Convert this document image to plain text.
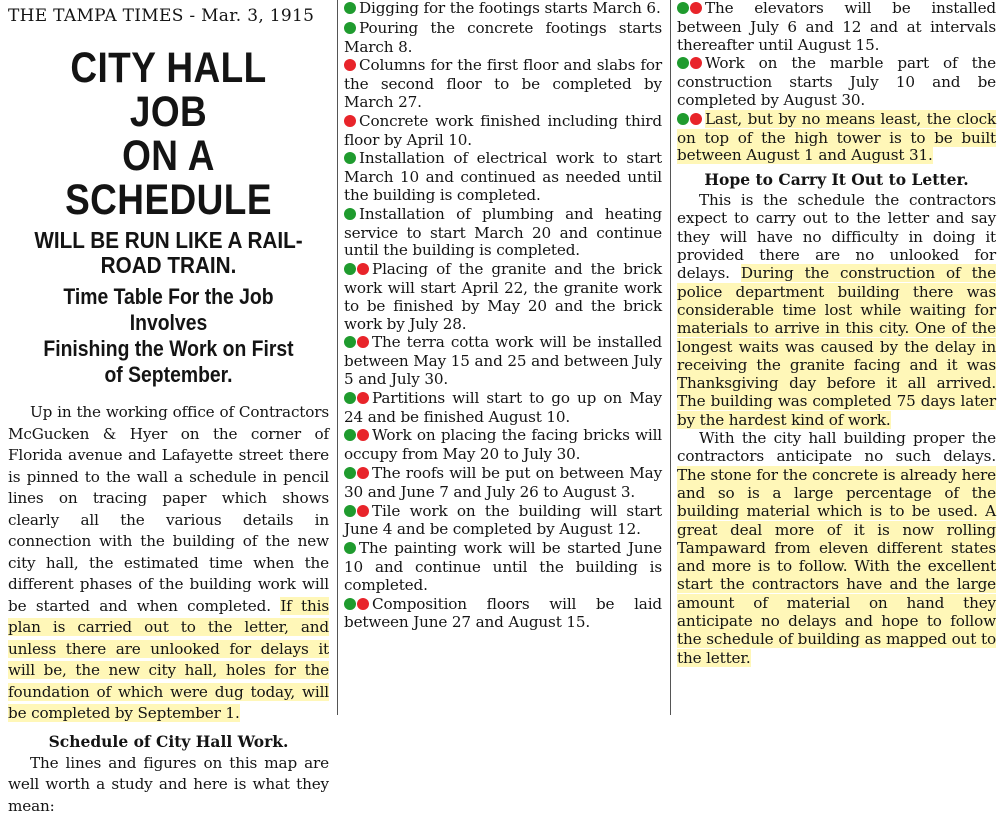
THE TAMPA TIMES - Mar. 3, 1915
CITY HALL JOB
ON A SCHEDULE
WILL BE RUN LIKE A RAIL-
ROAD TRAIN.
Time Table For the Job Involves
Finishing the Work on First
of September.

Up in the working office of Contractors McGucken & Hyer on the corner of Florida avenue and Lafayette street there is pinned to the wall a schedule in pencil lines on tracing paper which shows clearly all the various details in connection with the building of the new city hall, the estimated time when the different phases of the building work will be started and when completed. If this plan is carried out to the letter, and unless there are unlooked for delays it will be, the new city hall, holes for the foundation of which were dug today, will be completed by September 1.

Schedule of City Hall Work.

The lines and figures on this map are well worth a study and here is what they mean:

Digging for the footings starts March 6.
Pouring the concrete footings starts March 8.
Columns for the first floor and slabs for the second floor to be completed by March 27.
Concrete work finished including third floor by April 10.
Installation of electrical work to start March 10 and continued as needed until the building is completed.
Installation of plumbing and heating service to start March 20 and continue until the building is completed.
Placing of the granite and the brick work will start April 22, the granite work to be finished by May 20 and the brick work by July 28.
The terra cotta work will be installed between May 15 and 25 and between July 5 and July 30.
Partitions will start to go up on May 24 and be finished August 10.
Work on placing the facing bricks will occupy from May 20 to July 30.
The roofs will be put on between May 30 and June 7 and July 26 to August 3.
Tile work on the building will start June 4 and be completed by August 12.
The painting work will be started June 10 and continue until the building is completed.
Composition floors will be laid between June 27 and August 15.
The elevators will be installed between July 6 and 12 and at intervals thereafter until August 15.
Work on the marble part of the construction starts July 10 and be completed by August 30.
Last, but by no means least, the clock on top of the high tower is to be built between August 1 and August 31.
Hope to Carry It Out to Letter.

This is the schedule the contractors expect to carry out to the letter and say they will have no difficulty in doing it provided there are no unlooked for delays. During the construction of the police department building there was considerable time lost while waiting for materials to arrive in this city. One of the longest waits was caused by the delay in receiving the granite facing and it was Thanksgiving day before it all arrived. The building was completed 75 days later by the hardest kind of work.

With the city hall building proper the contractors anticipate no such delays. The stone for the concrete is already here and so is a large percentage of the building material which is to be used. A great deal more of it is now rolling Tampaward from eleven different states and more is to follow. With the excellent start the contractors have and the large amount of material on hand they anticipate no delays and hope to follow the schedule of building as mapped out to the letter.
